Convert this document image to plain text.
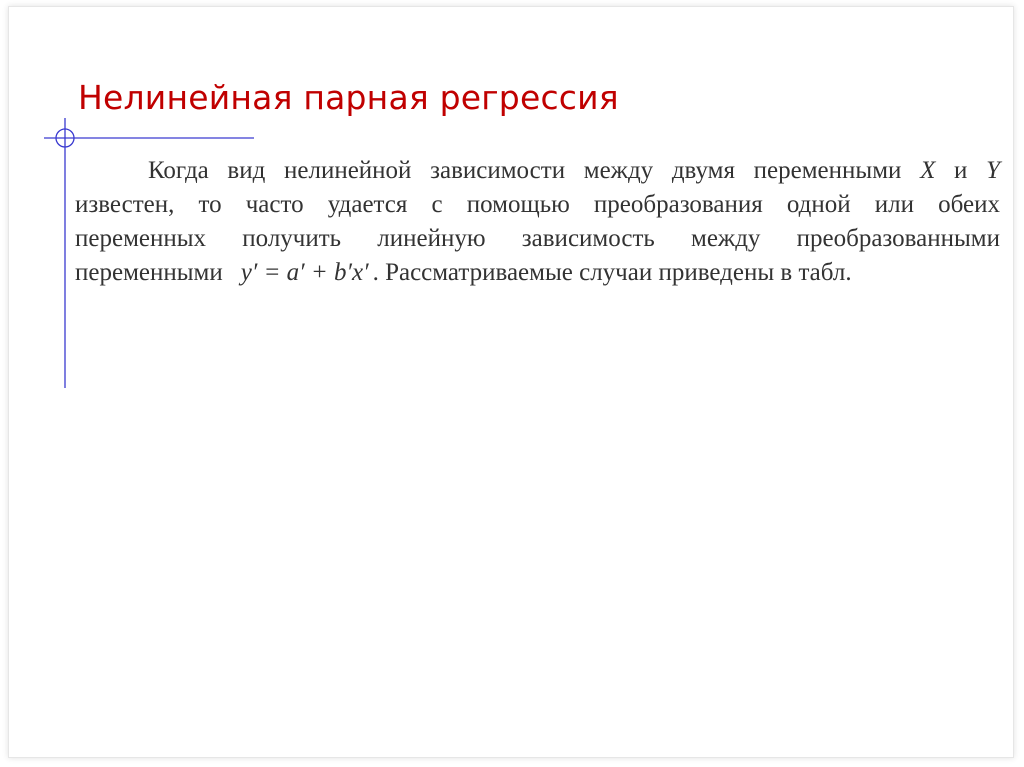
Нелинейная парная регрессия

Когда вид нелинейной зависимости между двумя переменными X и Y
известен, то часто удается с помощью преобразования одной или обеих
переменных получить линейную зависимость между преобразованными
переменными y′ = a′ + b′x′ . Рассматриваемые случаи приведены в табл.
